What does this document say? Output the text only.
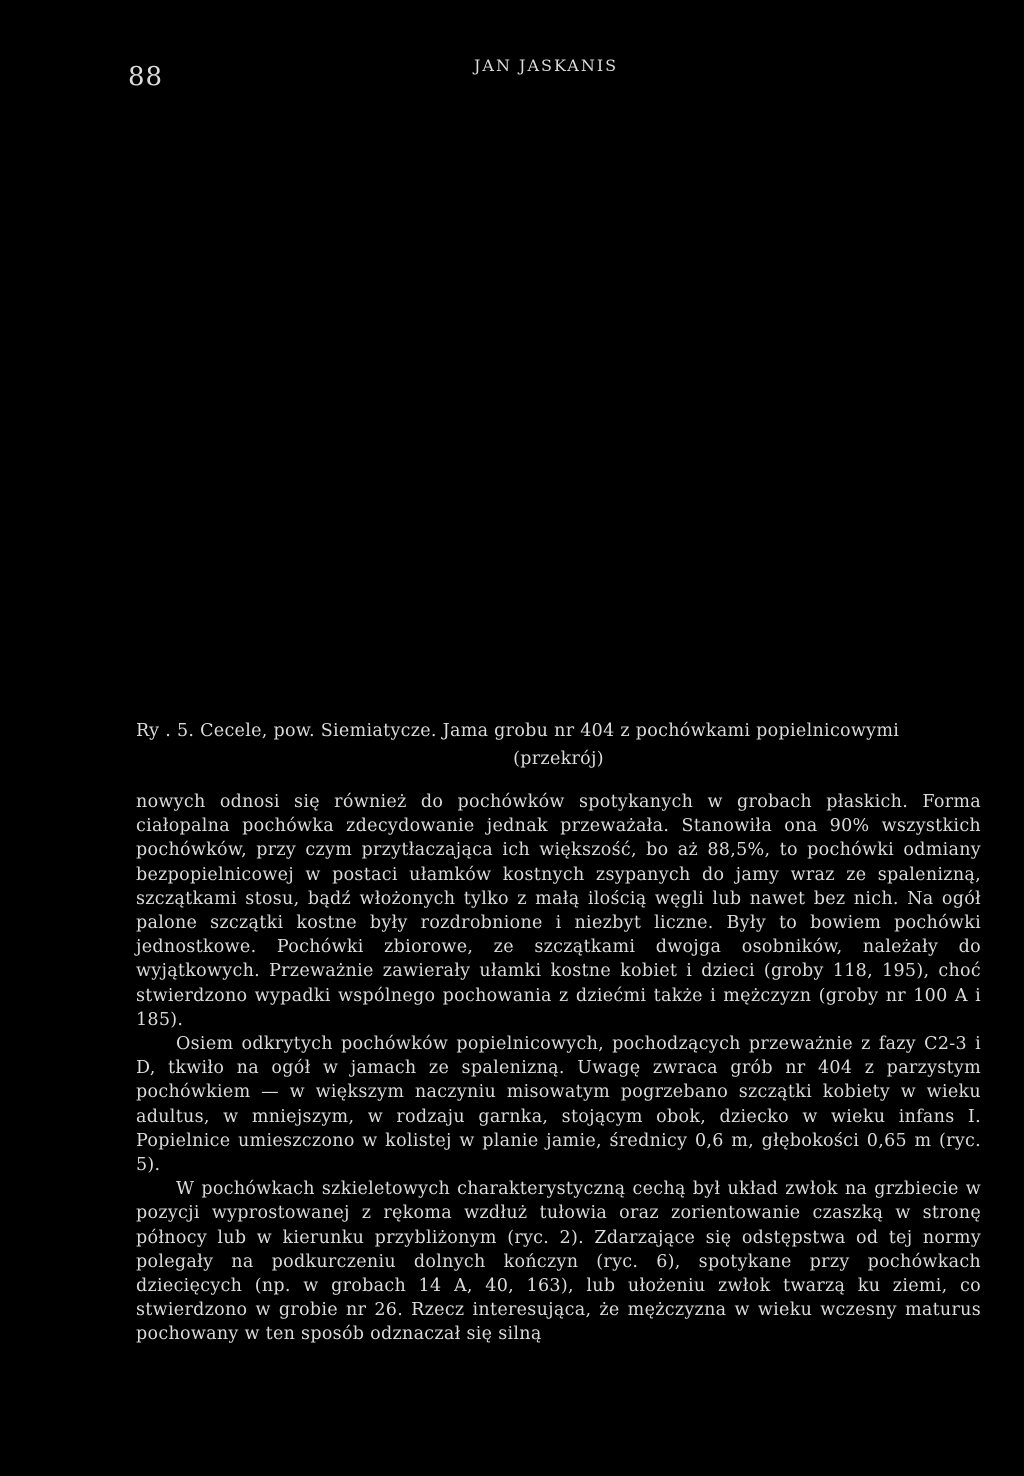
88	JAN JASKANIS
Ry . 5. Cecele, pow. Siemiatycze. Jama grobu nr 404 z pochówkami popielnicowymi
(przekrój)

nowych odnosi się również do pochówków spotykanych w grobach płaskich. Forma ciałopalna pochówka zdecydowanie jednak przeważała. Stanowiła ona 90% wszystkich pochówków, przy czym przytłaczająca ich większość, bo aż 88,5%, to pochówki odmiany bezpopielnicowej w postaci ułamków kostnych zsypanych do jamy wraz ze spalenizną, szczątkami stosu, bądź włożonych tylko z małą ilością węgli lub nawet bez nich. Na ogół palone szczątki kostne były rozdrobnione i niezbyt liczne. Były to bowiem pochówki jednostkowe. Pochówki zbiorowe, ze szczątkami dwojga osobników, należały do wyjątkowych. Przeważnie zawierały ułamki kostne kobiet i dzieci (groby 118, 195), choć stwierdzono wypadki wspólnego pochowania z dziećmi także i mężczyzn (groby nr 100 A i 185).

Osiem odkrytych pochówków popielnicowych, pochodzących przeważnie z fazy C2-3 i D, tkwiło na ogół w jamach ze spalenizną. Uwagę zwraca grób nr 404 z parzystym pochówkiem — w większym naczyniu misowatym pogrzebano szczątki kobiety w wieku adultus, w mniejszym, w rodzaju garnka, stojącym obok, dziecko w wieku infans I. Popielnice umieszczono w kolistej w planie jamie, średnicy 0,6 m, głębokości 0,65 m (ryc. 5).

W pochówkach szkieletowych charakterystyczną cechą był układ zwłok na grzbiecie w pozycji wyprostowanej z rękoma wzdłuż tułowia oraz zorientowanie czaszką w stronę północy lub w kierunku przybliżonym (ryc. 2). Zdarzające się odstępstwa od tej normy polegały na podkurczeniu dolnych kończyn (ryc. 6), spotykane przy pochówkach dziecięcych (np. w grobach 14 A, 40, 163), lub ułożeniu zwłok twarzą ku ziemi, co stwierdzono w grobie nr 26. Rzecz interesująca, że mężczyzna w wieku wczesny maturus pochowany w ten sposób odznaczał się silną
